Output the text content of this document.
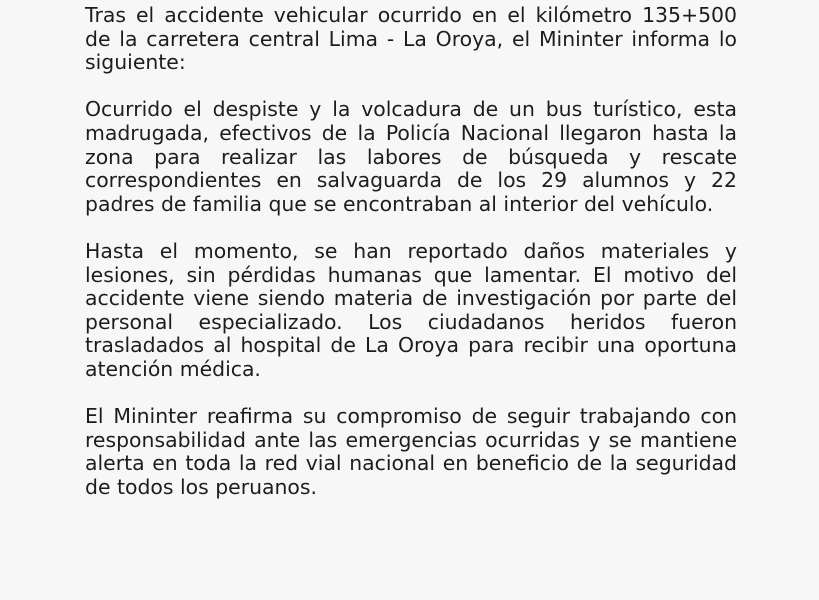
Tras el accidente vehicular ocurrido en el kilómetro 135+500 de la carretera central Lima - La Oroya, el Mininter informa lo siguiente:

Ocurrido el despiste y la volcadura de un bus turístico, esta madrugada, efectivos de la Policía Nacional llegaron hasta la zona para realizar las labores de búsqueda y rescate correspondientes en salvaguarda de los 29 alumnos y 22 padres de familia que se encontraban al interior del vehículo.

Hasta el momento, se han reportado daños materiales y lesiones, sin pérdidas humanas que lamentar. El motivo del accidente viene siendo materia de investigación por parte del personal especializado. Los ciudadanos heridos fueron trasladados al hospital de La Oroya para recibir una oportuna atención médica.

El Mininter reafirma su compromiso de seguir trabajando con responsabilidad ante las emergencias ocurridas y se mantiene alerta en toda la red vial nacional en beneficio de la seguridad de todos los peruanos.
